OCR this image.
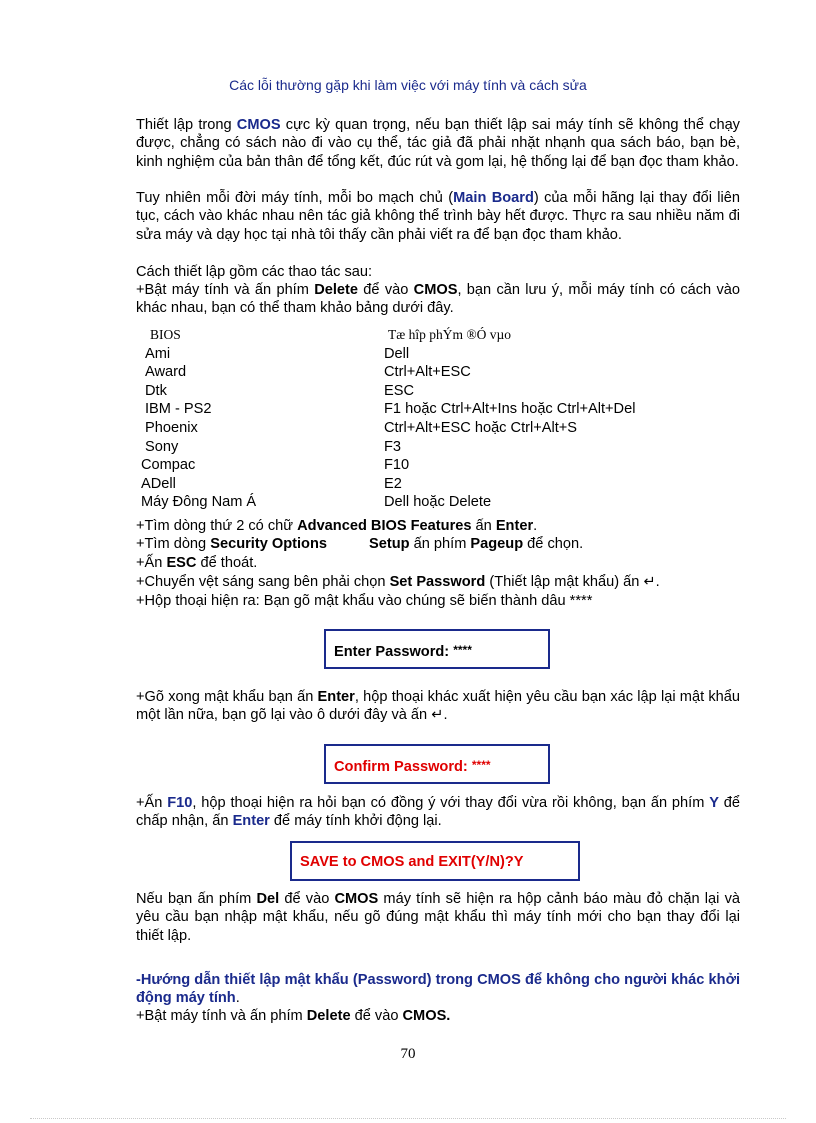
Các lỗi thường gặp khi làm việc với máy tính và cách sửa

Thiết lập trong CMOS cực kỳ quan trọng, nếu bạn thiết lập sai máy tính sẽ không thể chạy được, chẳng có sách nào đi vào cụ thể, tác giả đã phải nhặt nhạnh qua sách báo, bạn bè, kinh nghiệm của bản thân để tổng kết, đúc rút và gom lại, hệ thống lại để bạn đọc tham khảo.

Tuy nhiên mỗi đời máy tính, mỗi bo mạch chủ (Main Board) của mỗi hãng lại thay đổi liên tục, cách vào khác nhau nên tác giả không thể trình bày hết được. Thực ra sau nhiều năm đi sửa máy và dạy học tại nhà tôi thấy cần phải viết ra để bạn đọc tham khảo.

Cách thiết lập gồm các thao tác sau:

+Bật máy tính và ấn phím Delete để vào CMOS, bạn cần lưu ý, mỗi máy tính có cách vào khác nhau, bạn có thể tham khảo bảng dưới đây.

BIOS	Tæ hîp phÝm ®Ó vµo
Ami	Dell
Award	Ctrl+Alt+ESC
Dtk	ESC
IBM - PS2	F1 hoặc Ctrl+Alt+Ins hoặc Ctrl+Alt+Del
Phoenix	Ctrl+Alt+ESC hoặc Ctrl+Alt+S
Sony	F3
Compac	F10
ADell	E2
Máy Đông Nam Á	Dell hoặc Delete

+Tìm dòng thứ 2 có chữ Advanced BIOS Features ấn Enter.

+Tìm dòng Security Options	Setup ấn phím Pageup để chọn.

+Ấn ESC để thoát.

+Chuyển vệt sáng sang bên phải chọn Set Password (Thiết lập mật khẩu) ấn ↵.

+Hộp thoại hiện ra: Bạn gõ mật khẩu vào chúng sẽ biến thành dâu ****

Enter Password: ****

+Gõ xong mật khẩu bạn ấn Enter, hộp thoại khác xuất hiện yêu cầu bạn xác lập lại mật khẩu một lần nữa, bạn gõ lại vào ô dưới đây và ấn ↵.

Confirm Password: ****

+Ấn F10, hộp thoại hiện ra hỏi bạn có đồng ý với thay đổi vừa rồi không, bạn ấn phím Y để chấp nhận, ấn Enter để máy tính khởi động lại.

SAVE to CMOS and EXIT(Y/N)?Y

Nếu bạn ấn phím Del để vào CMOS máy tính sẽ hiện ra hộp cảnh báo màu đỏ chặn lại và yêu cầu bạn nhập mật khẩu, nếu gõ đúng mật khẩu thì máy tính mới cho bạn thay đổi lại thiết lập.

-Hướng dẫn thiết lập mật khẩu (Password) trong CMOS để không cho người khác khởi động máy tính.

+Bật máy tính và ấn phím Delete để vào CMOS.

70
